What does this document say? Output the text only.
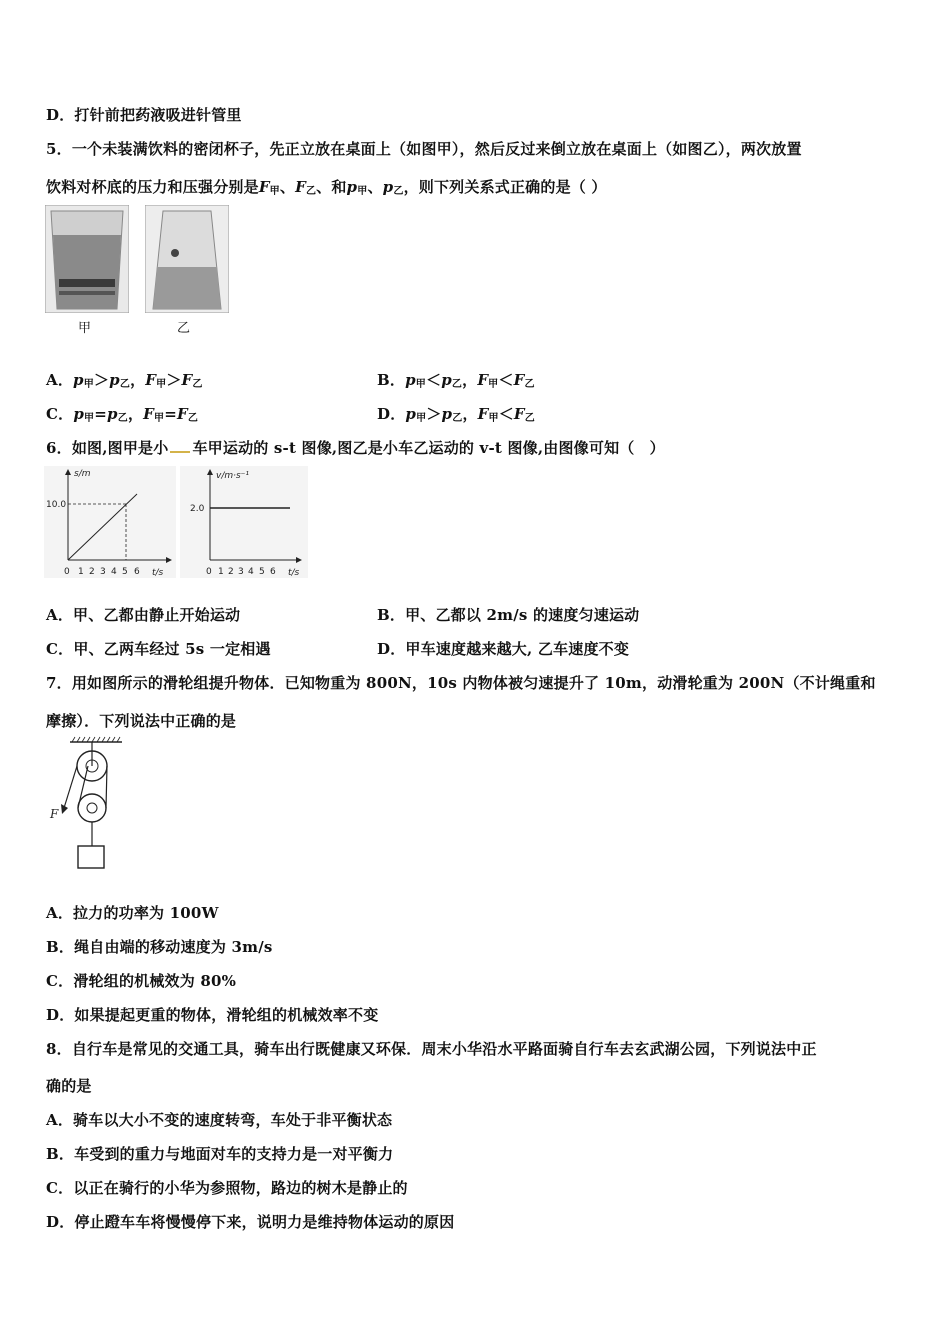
D．打针前把药液吸进针管里
5．一个未装满饮料的密闭杯子，先正立放在桌面上（如图甲），然后反过来倒立放在桌面上（如图乙），两次放置
饮料对杯底的压力和压强分别是$F_甲$、$F_乙$、和$p_甲$、$p_乙$，则下列关系式正确的是（ ）
甲	乙
A．$p_甲>p_乙$，$F_甲>F_乙$	B．$p_甲<p_乙$，$F_甲<F_乙$
C．$p_甲=p_乙$，$F_甲=F_乙$	D．$p_甲>p_乙$，$F_甲<F_乙$
6．如图,图甲是小 车甲运动的 s-t 图像,图乙是小车乙运动的 v-t 图像,由图像可知（　）
s/m
10.0
0 1 2 3 4 5 6 t/s
v/m·s⁻¹
2.0
0 1 2 3 4 5 6 t/s
A．甲、乙都由静止开始运动	B．甲、乙都以 2m/s 的速度匀速运动
C．甲、乙两车经过 5s 一定相遇	D．甲车速度越来越大, 乙车速度不变
7．用如图所示的滑轮组提升物体．已知物重为 800N，10s 内物体被匀速提升了 10m，动滑轮重为 200N（不计绳重和
摩擦）．下列说法中正确的是
F
A．拉力的功率为 100W
B．绳自由端的移动速度为 3m/s
C．滑轮组的机械效为 80%
D．如果提起更重的物体，滑轮组的机械效率不变
8．自行车是常见的交通工具，骑车出行既健康又环保．周末小华沿水平路面骑自行车去玄武湖公园，下列说法中正
确的是
A．骑车以大小不变的速度转弯，车处于非平衡状态
B．车受到的重力与地面对车的支持力是一对平衡力
C．以正在骑行的小华为参照物，路边的树木是静止的
D．停止蹬车车将慢慢停下来，说明力是维持物体运动的原因
